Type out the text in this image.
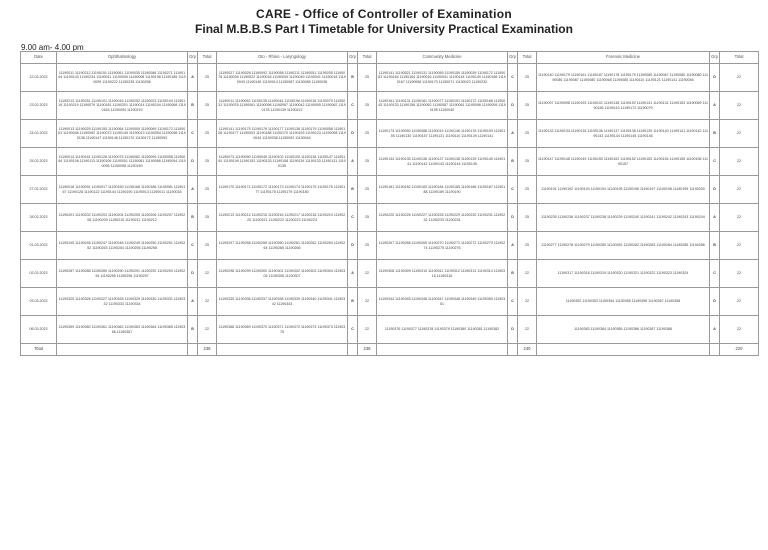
CARE - Office of Controller of Examination
Final M.B.B.S Part I Timetable for University Practical Examination
9.00 am- 4.00 pm
Date	Ophthalmology	Grp	Total	Oto - Rhino - Laryngology	Grp	Total	Community Medicine	Grp	Total	Forensic Medicine	Grp	Total
22.02.2023	11190011 11190212 11190151 11190061 11190035 11190086 11190271 11190164 11190143 11190234 11190011 11190009 11190008 11190198 11190185 11190099 11190222 11190235 11190258	A	25	11190027 11190026 11190092 11190058 11190211 11190051 11190035 11190076 11190026 11190022 11190018 11190009 11190049 11190041 11190018 11190043 11190145 11190014 11190087 11190085 11190038	B	25	11190141 11190521 11190131 11190059 11190155 11190039 11190172 11190081 11190164 11190164 11190016 11190041 11190144 11190149 11190166 11190167 11190068 11190170 11190071 11190023 11190232	C	25	11190140 11190179 11190161 11190187 11190178 11190179 11190080 11190067 11190080 11190080 11190086 11190087 11190080 11190068 11190085 11190110 11190121 11190141 11190046	D	22
23.02.2023	11190213 11190251 11190101 11190016 11190252 11190023 11190104 11190119 11190219 11190079 11190181 11190201 11190014 11190104 11190068 11190163 11190094 11190219	B	25	11190011 11190052 11190135 11190044 11190196 11190018 11190079 11190031 11190076 11190061 11190098 11190067 11190042 11190095 11190062 11190178 11190139 11190212	C	25	11190161 11190131 11190181 11190077 11190191 11190172 11190168 11190043 11190133 11190158 11190062 11190087 11190061 11190098 11190009 11190195 11190040	D	25	11190097 11190098 11190193 11190101 11190138 11190192 11190141 11190131 11190153 11190069 11190156 11190110 11190172 11190079	A	22
24.02.2023	11190013 11190025 11190155 11190064 11190005 11190069 11190172 11190061 11190048 11190062 11190073 11190145 11190013 11190054 11190096 11190138 11190147 11190146 11190170 11190172 11190053	C	25	11190141 11190175 11190176 11190177 11190138 11190179 11190058 11190128 11190177 11190053 11190188 11190170 11190163 11190123 11190098 11190044 11190038 11190092 11190044	D	25	11190173 11190050 11190088 11190019 11190146 11190178 11190153 11190155 11190130 11190157 11190131 11190110 11190139 11190141	A	25	11190133 11190134 11190135 11190136 11190137 11190138 11190139 11190140 11190141 11190142 11190143 11190144 11190145 11190146	B	22
25.02.2023	11190014 11190161 11190126 11190075 11190062 11190099 11190058 11190084 11190106 11190113 11190106 11190001 11190061 11190068 11190094 11190095 11190098 11190159	D	25	11190073 11190090 11190049 11190102 11190105 11190138 11190147 11190181 11190149 11190152 11190133 11190108 11190119 11190133 11190131 11190135	A	25	11190134 11190135 11190136 11190137 11190138 11190139 11190140 11190141 11190142 11190143 11190144 11190145	B	25	11190147 11190148 11190149 11190150 11190151 11190152 11190153 11190154 11190155 11190156 11190157	C	22
27.02.2023	11190018 11190091 11190017 11190159 11190168 11190186 11190081 11190167 11190128 11190122 11190144 11190190 11190013 11190011 11190018	A	25	11190170 11190171 11190172 11190173 11190174 11190175 11190176 11190177 11190178 11190179 11190180	B	25	11190181 11190182 11190183 11190184 11190185 11190186 11190187 11190188 11190189 11190190	C	25	11190191 11190192 11190193 11190194 11190195 11190196 11190197 11190198 11190199 11190200	D	22
28.02.2023	11190201 11190202 11190203 11190204 11190205 11190206 11190207 11190208 11190209 11190210 11190211 11190212	B	25	11190213 11190214 11190215 11190216 11190217 11190218 11190219 11190220 11190221 11190222 11190223 11190224	C	25	11190225 11190226 11190227 11190228 11190229 11190230 11190231 11190232 11190233 11190234	D	25	11190235 11190236 11190237 11190238 11190239 11190240 11190241 11190242 11190243 11190244	A	22
01.03.2023	11190245 11190246 11190247 11190248 11190249 11190250 11190251 11190252 11190253 11190254 11190255 11190256	C	25	11190257 11190258 11190259 11190260 11190261 11190262 11190263 11190264 11190265 11190266	D	25	11190267 11190268 11190269 11190270 11190271 11190272 11190273 11190274 11190275 11190276	A	25	11190277 11190278 11190279 11190280 11190281 11190282 11190283 11190284 11190285 11190286	B	22
02.03.2023	11190287 11190288 11190289 11190290 11190291 11190292 11190293 11190294 11190295 11190296 11190297	D	22	11190298 11190299 11190300 11190301 11190302 11190303 11190304 11190305 11190306 11190307	A	22	11190308 11190309 11190310 11190311 11190312 11190313 11190314 11190315 11190316	B	22	11190317 11190318 11190319 11190320 11190321 11190322 11190323 11190324	C	22
03.03.2023	11190325 11190326 11190327 11190328 11190329 11190330 11190331 11190332 11190333 11190334	A	22	11190335 11190336 11190337 11190338 11190339 11190340 11190341 11190342 11190343	B	22	11190344 11190345 11190346 11190347 11190348 11190349 11190350 11190351	C	22	11190352 11190353 11190354 11190355 11190356 11190357 11190358	D	22
06.03.2023	11190359 11190360 11190361 11190362 11190363 11190364 11190365 11190366 11190367	B	22	11190368 11190369 11190370 11190371 11190372 11190373 11190374 11190375	C	22	11190376 11190377 11190378 11190379 11190380 11190381 11190382	D	22	11190383 11190384 11190385 11190386 11190387 11190388	A	22
Total			238			238			240			220
